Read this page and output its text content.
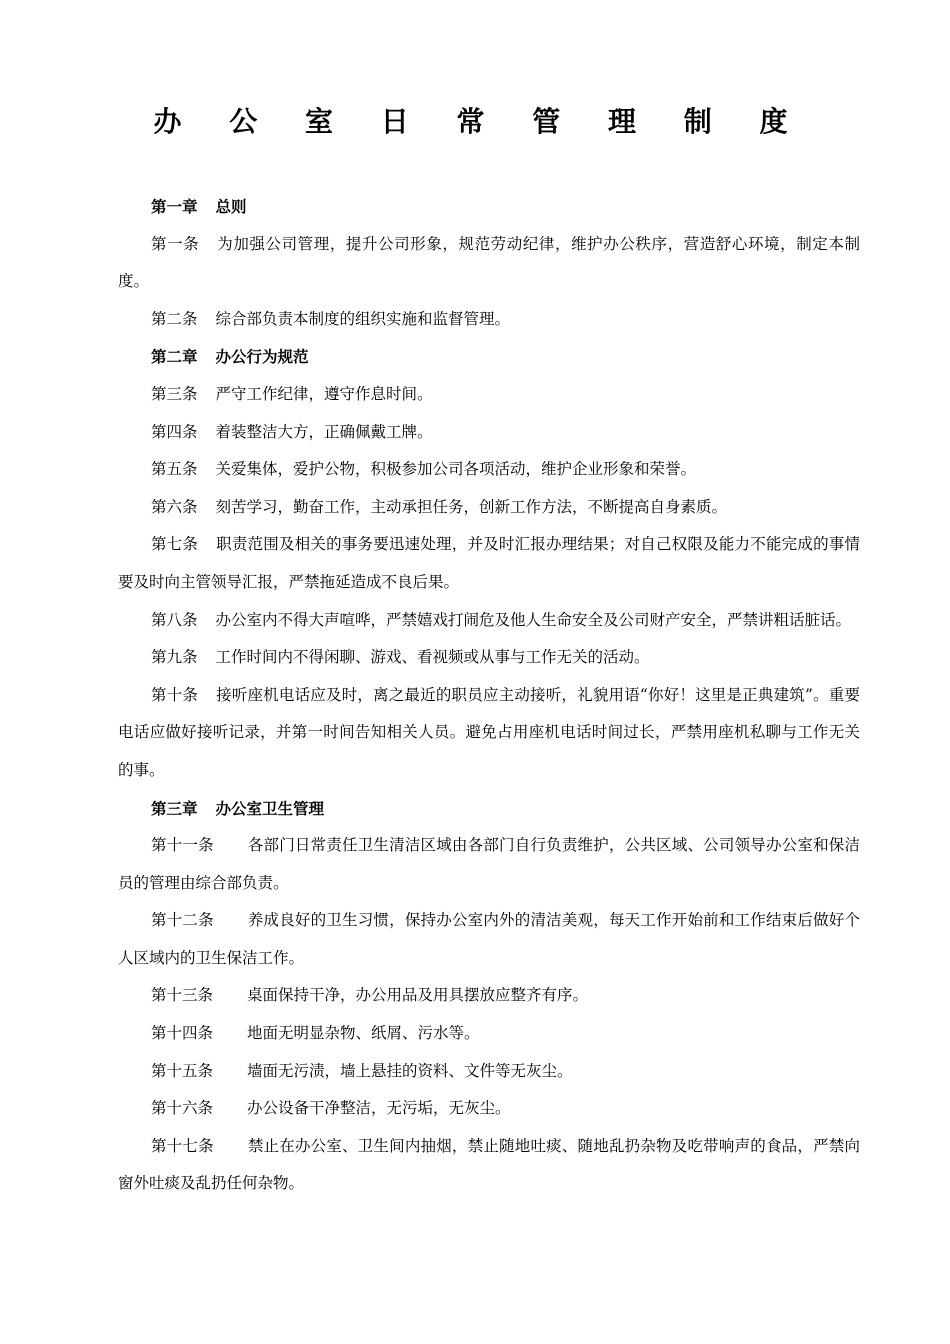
办 公 室 日 常 管 理 制 度

第一章 总则

第一条 为加强公司管理，提升公司形象，规范劳动纪律，维护办公秩序，营造舒心环境，制定本制度。

第二条 综合部负责本制度的组织实施和监督管理。

第二章 办公行为规范

第三条 严守工作纪律，遵守作息时间。

第四条 着装整洁大方，正确佩戴工牌。

第五条 关爱集体，爱护公物，积极参加公司各项活动，维护企业形象和荣誉。

第六条 刻苦学习，勤奋工作，主动承担任务，创新工作方法，不断提高自身素质。

第七条 职责范围及相关的事务要迅速处理，并及时汇报办理结果；对自己权限及能力不能完成的事情要及时向主管领导汇报，严禁拖延造成不良后果。

第八条 办公室内不得大声喧哗，严禁嬉戏打闹危及他人生命安全及公司财产安全，严禁讲粗话脏话。

第九条 工作时间内不得闲聊、游戏、看视频或从事与工作无关的活动。

第十条 接听座机电话应及时，离之最近的职员应主动接听，礼貌用语“你好！这里是正典建筑”。重要电话应做好接听记录，并第一时间告知相关人员。避免占用座机电话时间过长，严禁用座机私聊与工作无关的事。

第三章 办公室卫生管理

第十一条 各部门日常责任卫生清洁区域由各部门自行负责维护，公共区域、公司领导办公室和保洁员的管理由综合部负责。

第十二条 养成良好的卫生习惯，保持办公室内外的清洁美观，每天工作开始前和工作结束后做好个人区域内的卫生保洁工作。

第十三条 桌面保持干净，办公用品及用具摆放应整齐有序。

第十四条 地面无明显杂物、纸屑、污水等。

第十五条 墙面无污渍，墙上悬挂的资料、文件等无灰尘。

第十六条 办公设备干净整洁，无污垢，无灰尘。

第十七条 禁止在办公室、卫生间内抽烟，禁止随地吐痰、随地乱扔杂物及吃带响声的食品，严禁向窗外吐痰及乱扔任何杂物。
